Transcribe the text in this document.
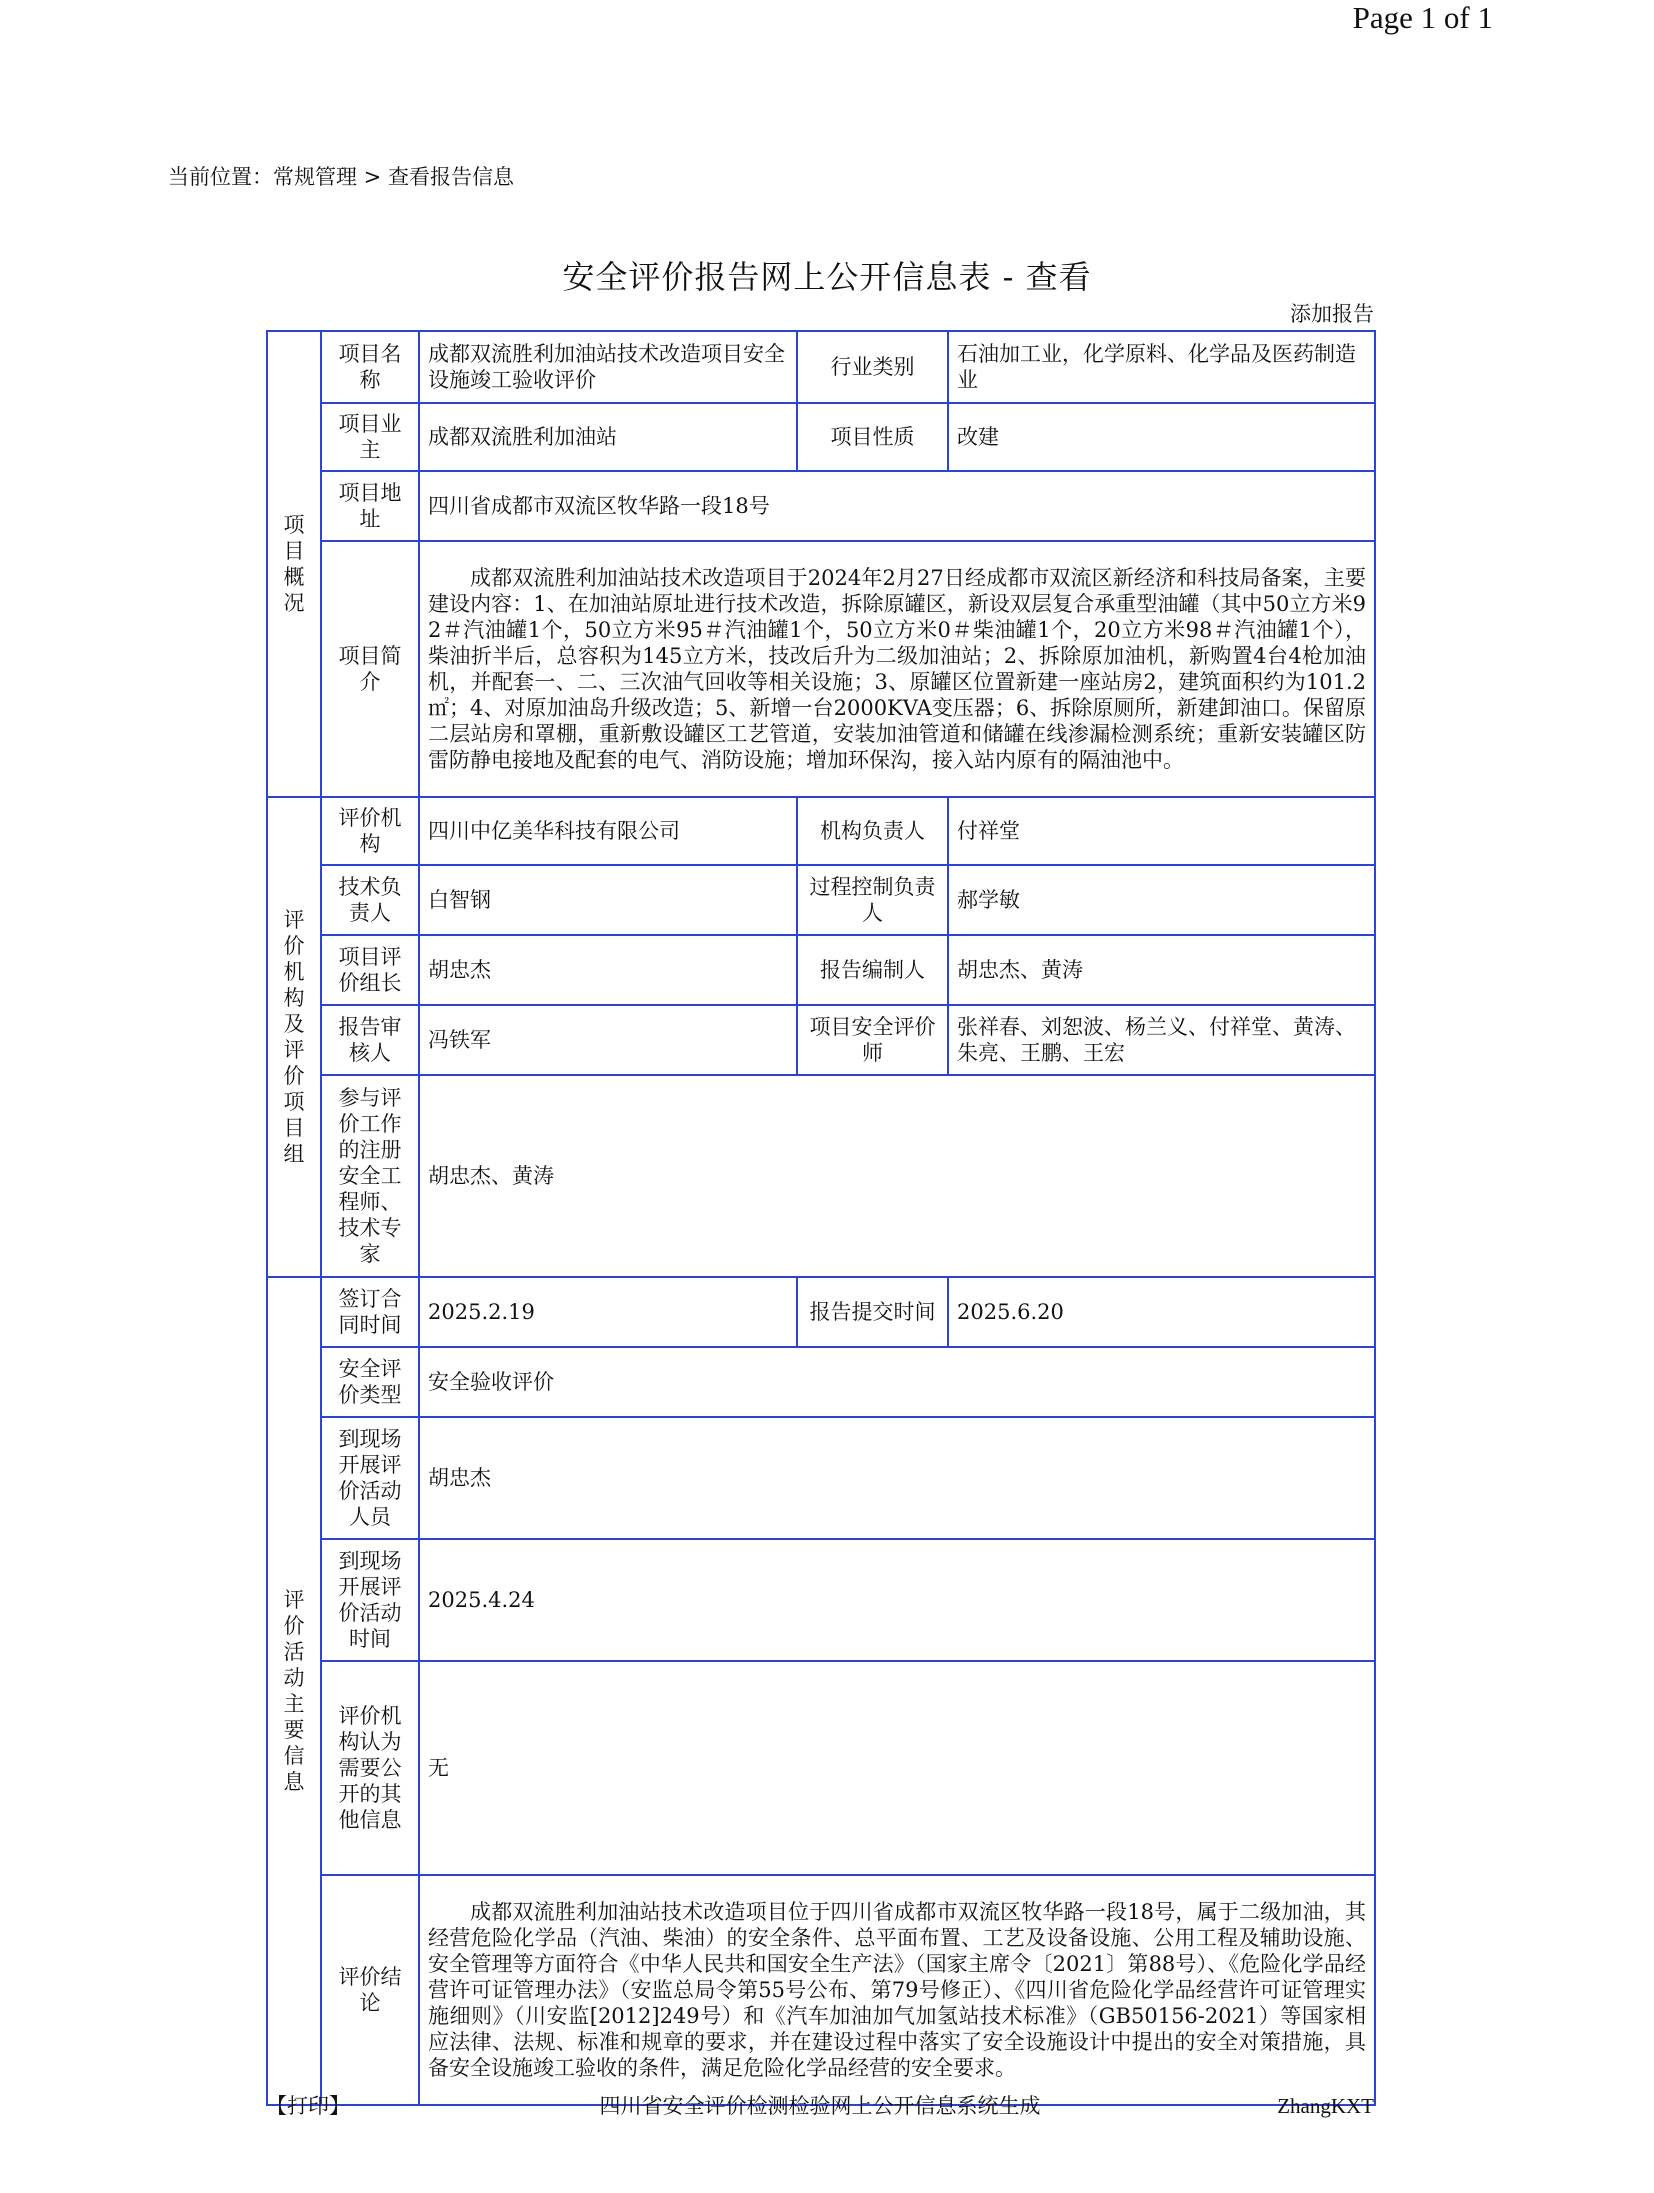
Page 1 of 1
当前位置：常规管理 > 查看报告信息
安全评价报告网上公开信息表 - 查看
添加报告
项目概况	项目名称	成都双流胜利加油站技术改造项目安全设施竣工验收评价	行业类别	石油加工业，化学原料、化学品及医药制造业
	项目业主	成都双流胜利加油站	项目性质	改建
	项目地址	四川省成都市双流区牧华路一段18号		
	项目简介	成都双流胜利加油站技术改造项目于2024年2月27日经成都市双流区新经济和科技局备案，主要建设内容：1、在加油站原址进行技术改造，拆除原罐区，新设双层复合承重型油罐（其中50立方米92＃汽油罐1个，50立方米95＃汽油罐1个，50立方米0＃柴油罐1个，20立方米98＃汽油罐1个），柴油折半后，总容积为145立方米，技改后升为二级加油站；2、拆除原加油机，新购置4台4枪加油机，并配套一、二、三次油气回收等相关设施；3、原罐区位置新建一座站房2，建筑面积约为101.2㎡；4、对原加油岛升级改造；5、新增一台2000KVA变压器；6、拆除原厕所，新建卸油口。保留原二层站房和罩棚，重新敷设罐区工艺管道，安装加油管道和储罐在线渗漏检测系统；重新安装罐区防雷防静电接地及配套的电气、消防设施；增加环保沟，接入站内原有的隔油池中。		

评价机构及评价项目组	评价机构	四川中亿美华科技有限公司	机构负责人	付祥堂
	技术负责人	白智钢	过程控制负责人	郝学敏
	项目评价组长	胡忠杰	报告编制人	胡忠杰、黄涛
	报告审核人	冯铁军	项目安全评价师	张祥春、刘恕波、杨兰义、付祥堂、黄涛、朱亮、王鹏、王宏
	参与评价工作的注册安全工程师、技术专家	胡忠杰、黄涛		

评价活动主要信息	签订合同时间	2025.2.19	报告提交时间	2025.6.20
	安全评价类型	安全验收评价		
	到现场开展评价活动人员	胡忠杰		
	到现场开展评价活动时间	2025.4.24		
	评价机构认为需要公开的其他信息	无		
	评价结论	成都双流胜利加油站技术改造项目位于四川省成都市双流区牧华路一段18号，属于二级加油，其经营危险化学品（汽油、柴油）的安全条件、总平面布置、工艺及设备设施、公用工程及辅助设施、安全管理等方面符合《中华人民共和国安全生产法》（国家主席令〔2021〕第88号）、《危险化学品经营许可证管理办法》（安监总局令第55号公布、第79号修正）、《四川省危险化学品经营许可证管理实施细则》（川安监[2012]249号）和《汽车加油加气加氢站技术标准》（GB50156-2021）等国家相应法律、法规、标准和规章的要求，并在建设过程中落实了安全设施设计中提出的安全对策措施，具备安全设施竣工验收的条件，满足危险化学品经营的安全要求。		
四川省安全评价检测检验网上公开信息系统生成
【打印】	ZhangKXT
